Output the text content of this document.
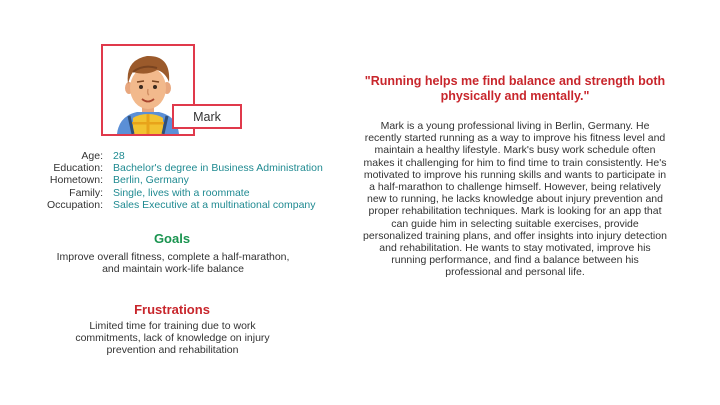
Mark
Age: 28
Education: Bachelor's degree in Business Administration
Hometown: Berlin, Germany
Family: Single, lives with a roommate
Occupation: Sales Executive at a multinational company
Goals
Improve overall fitness, complete a half-marathon, and maintain work-life balance
Frustrations
Limited time for training due to work commitments, lack of knowledge on injury prevention and rehabilitation
"Running helps me find balance and strength both physically and mentally."
Mark is a young professional living in Berlin, Germany. He recently started running as a way to improve his fitness level and maintain a healthy lifestyle. Mark's busy work schedule often makes it challenging for him to find time to train consistently. He's motivated to improve his running skills and wants to participate in a half-marathon to challenge himself. However, being relatively new to running, he lacks knowledge about injury prevention and proper rehabilitation techniques. Mark is looking for an app that can guide him in selecting suitable exercises, provide personalized training plans, and offer insights into injury detection and rehabilitation. He wants to stay motivated, improve his running performance, and find a balance between his professional and personal life.
